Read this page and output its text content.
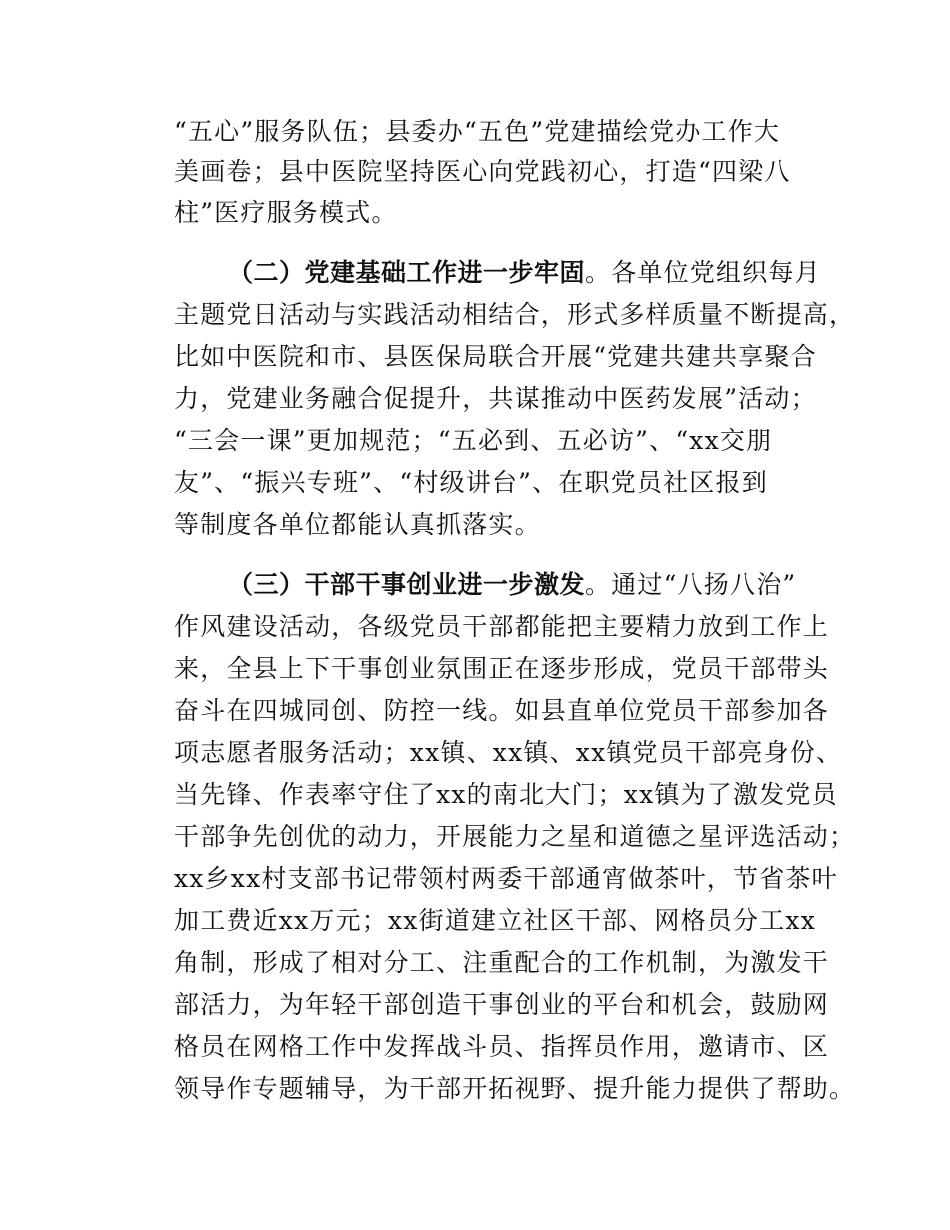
“五心”服务队伍；县委办“五色”党建描绘党办工作大
美画卷；县中医院坚持医心向党践初心，打造“四梁八
柱”医疗服务模式。
（二）党建基础工作进一步牢固。各单位党组织每月
主题党日活动与实践活动相结合，形式多样质量不断提高，
比如中医院和市、县医保局联合开展“党建共建共享聚合
力，党建业务融合促提升，共谋推动中医药发展”活动；
“三会一课”更加规范；“五必到、五必访”、“xx交朋
友”、“振兴专班”、“村级讲台”、在职党员社区报到
等制度各单位都能认真抓落实。
（三）干部干事创业进一步激发。通过“八扬八治”
作风建设活动，各级党员干部都能把主要精力放到工作上
来，全县上下干事创业氛围正在逐步形成，党员干部带头
奋斗在四城同创、防控一线。如县直单位党员干部参加各
项志愿者服务活动；xx镇、xx镇、xx镇党员干部亮身份、
当先锋、作表率守住了xx的南北大门；xx镇为了激发党员
干部争先创优的动力，开展能力之星和道德之星评选活动；
xx乡xx村支部书记带领村两委干部通宵做茶叶，节省茶叶
加工费近xx万元；xx街道建立社区干部、网格员分工xx
角制，形成了相对分工、注重配合的工作机制，为激发干
部活力，为年轻干部创造干事创业的平台和机会，鼓励网
格员在网格工作中发挥战斗员、指挥员作用，邀请市、区
领导作专题辅导，为干部开拓视野、提升能力提供了帮助。
